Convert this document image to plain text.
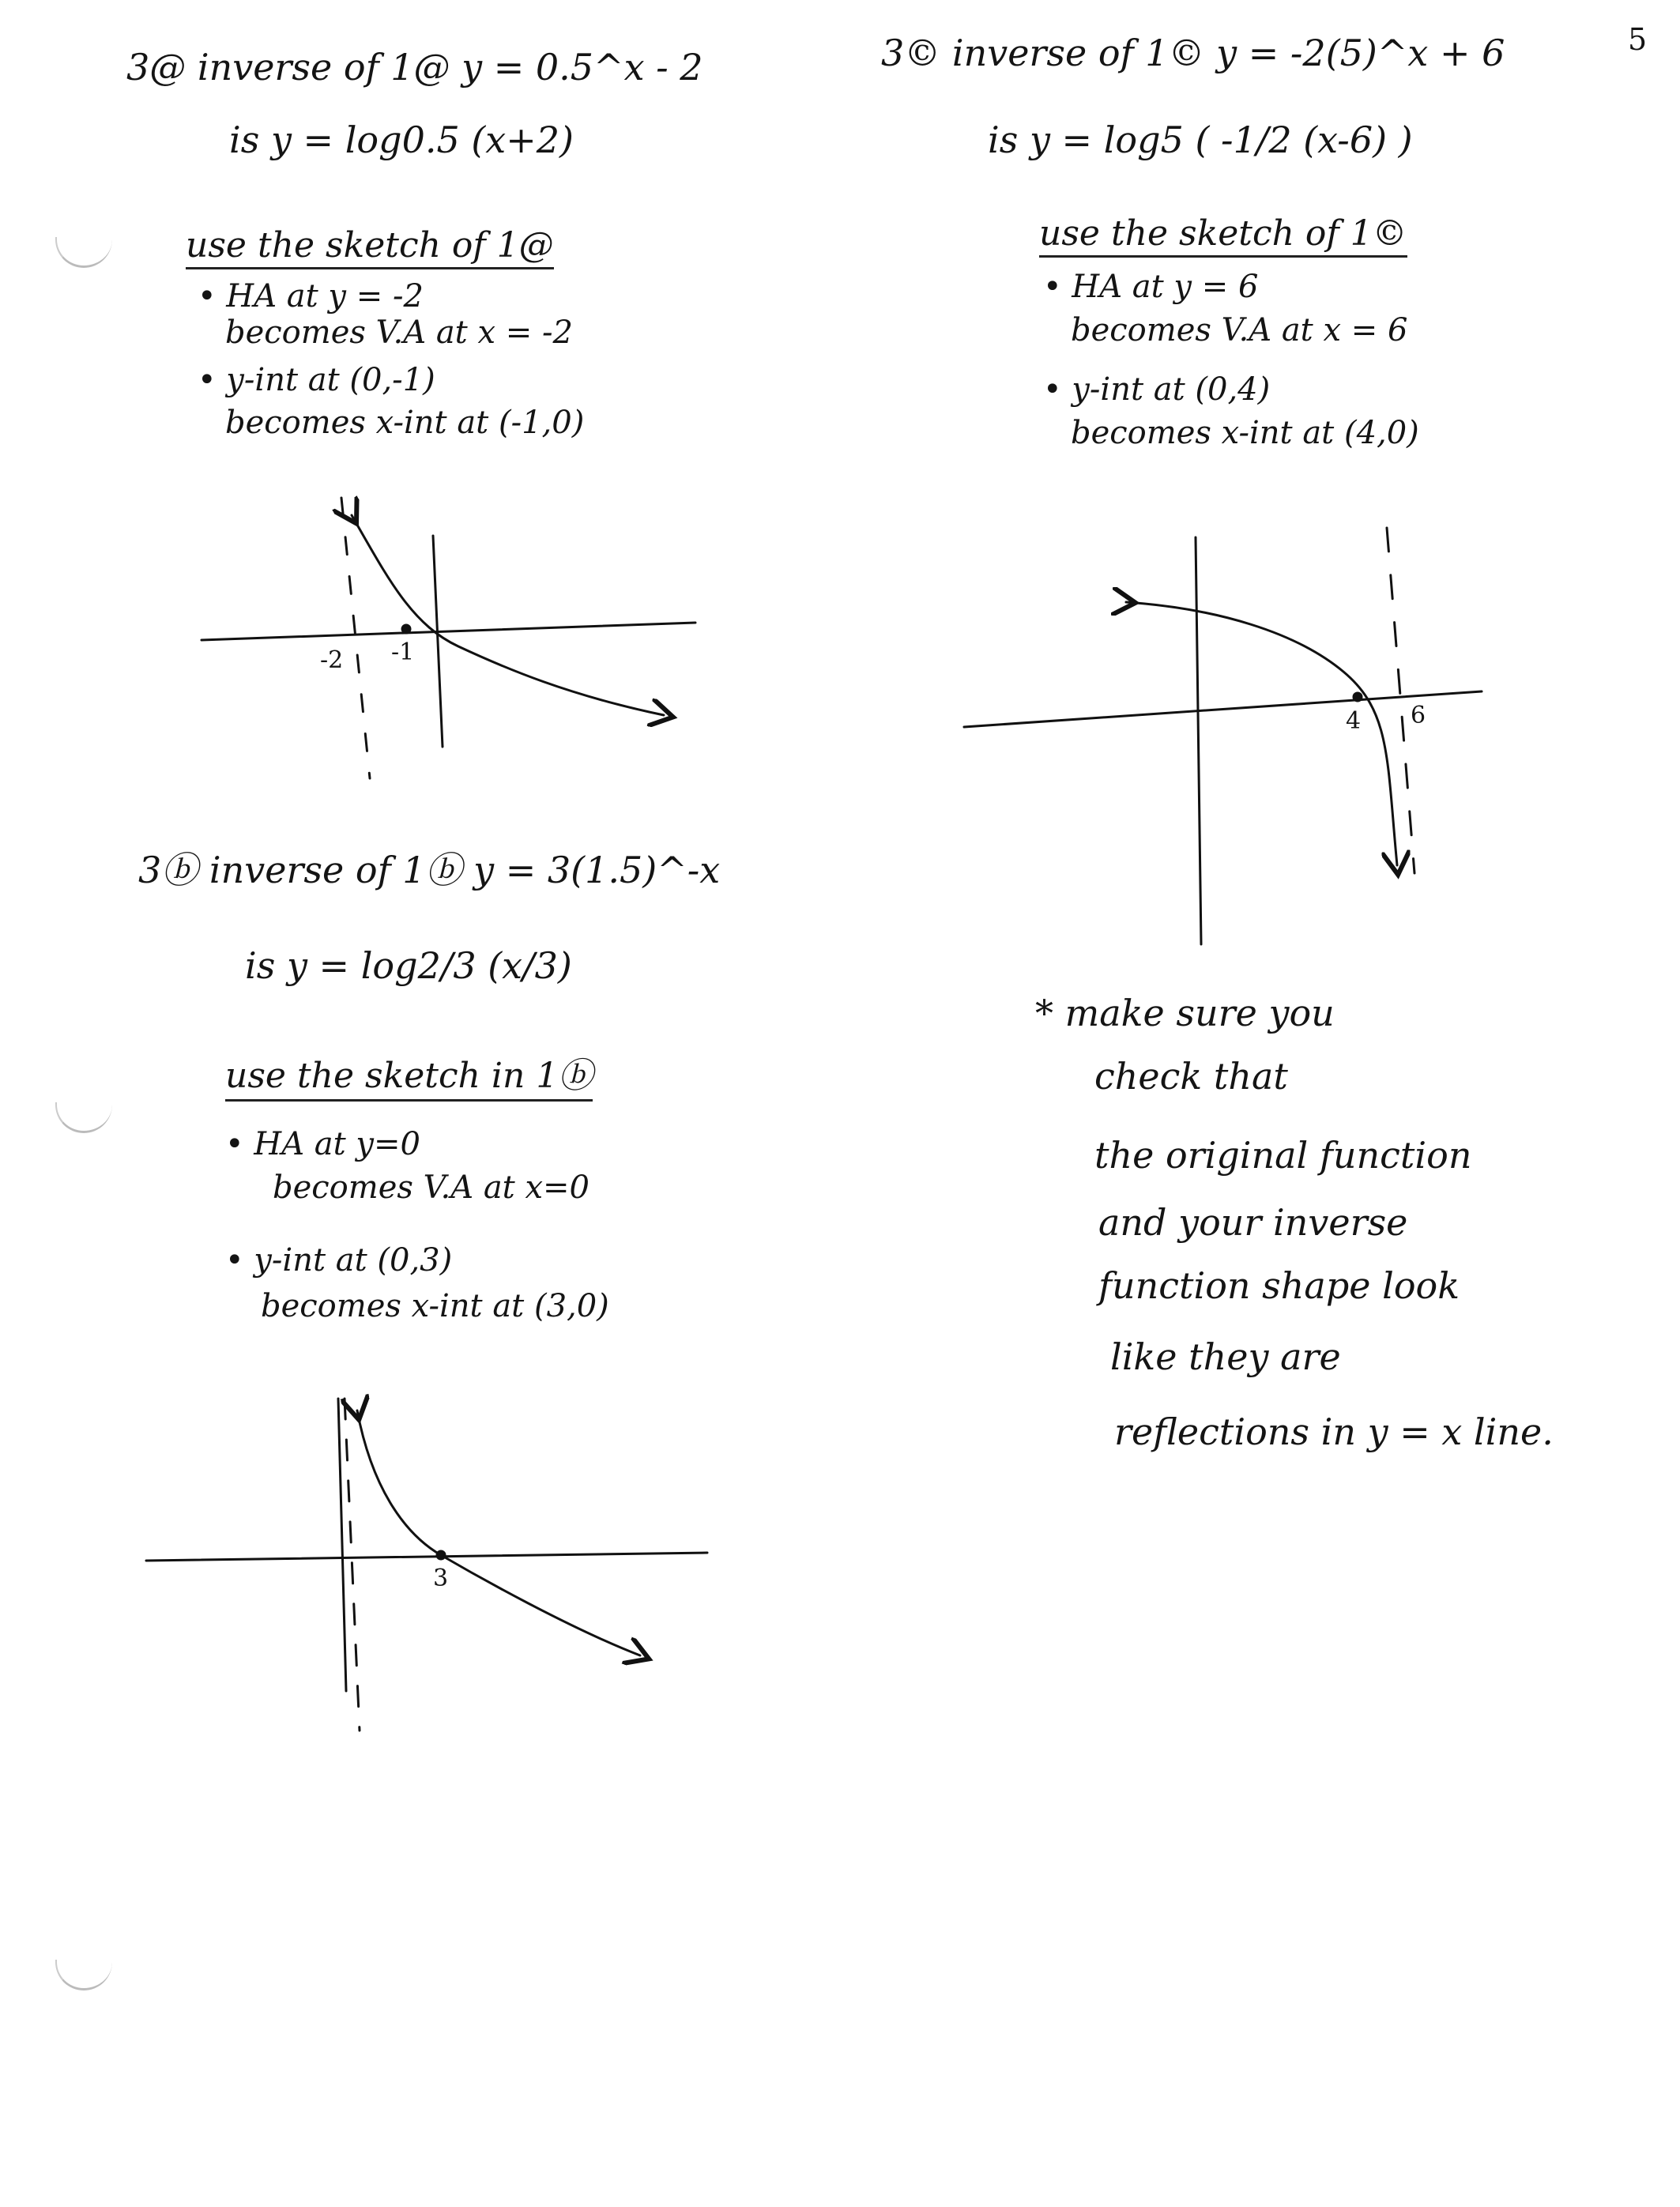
5
3@ inverse of 1@ y = 0.5^x - 2
is y = log0.5 (x+2)
use the sketch of 1@
• HA at y = -2
becomes V.A at x = -2
• y-int at (0,-1)
becomes x-int at (-1,0)
-2 -1
3© inverse of 1© y = -2(5)^x + 6
is y = log5 ( -1/2 (x-6) )
use the sketch of 1©
• HA at y = 6
becomes V.A at x = 6
• y-int at (0,4)
becomes x-int at (4,0)
4 6
3ⓑ inverse of 1ⓑ y = 3(1.5)^-x
is y = log2/3 (x/3)
use the sketch in 1ⓑ
• HA at y=0
becomes V.A at x=0
• y-int at (0,3)
becomes x-int at (3,0)
3
* make sure you
check that
the original function
and your inverse
function shape look
like they are
reflections in y = x line.
